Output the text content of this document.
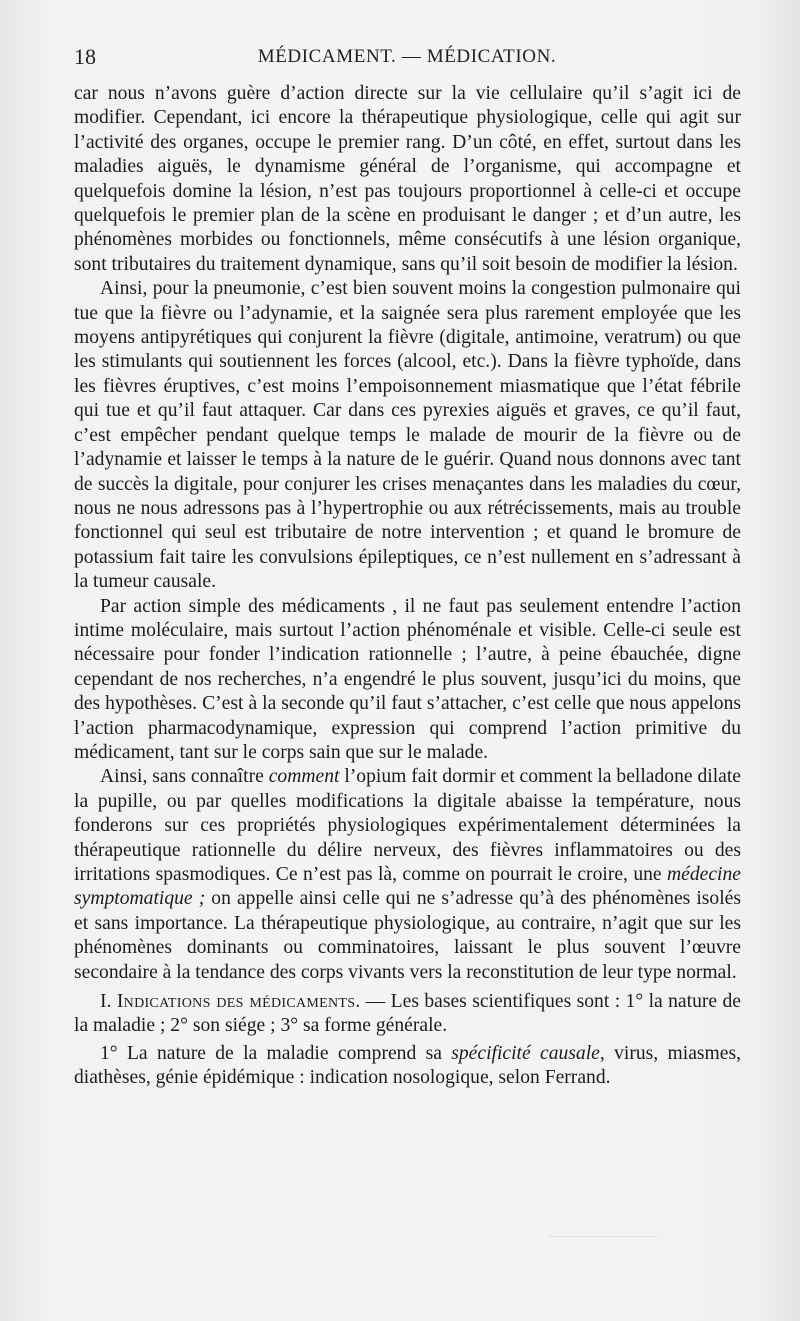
18	MÉDICAMENT. — MÉDICATION.

car nous n’avons guère d’action directe sur la vie cellulaire qu’il s’agit ici de modifier. Cependant, ici encore la thérapeutique physiologique, celle qui agit sur l’activité des organes, occupe le premier rang. D’un côté, en effet, surtout dans les maladies aiguës, le dynamisme général de l’organisme, qui accompagne et quelquefois domine la lésion, n’est pas toujours proportionnel à celle-ci et occupe quelquefois le premier plan de la scène en produisant le danger ; et d’un autre, les phénomènes morbides ou fonctionnels, même consécutifs à une lésion organique, sont tributaires du traitement dynamique, sans qu’il soit besoin de modifier la lésion.

Ainsi, pour la pneumonie, c’est bien souvent moins la congestion pulmonaire qui tue que la fièvre ou l’adynamie, et la saignée sera plus rarement employée que les moyens antipyrétiques qui conjurent la fièvre (digitale, antimoine, veratrum) ou que les stimulants qui soutiennent les forces (alcool, etc.). Dans la fièvre typhoïde, dans les fièvres éruptives, c’est moins l’empoisonnement miasmatique que l’état fébrile qui tue et qu’il faut attaquer. Car dans ces pyrexies aiguës et graves, ce qu’il faut, c’est empêcher pendant quelque temps le malade de mourir de la fièvre ou de l’adynamie et laisser le temps à la nature de le guérir. Quand nous donnons avec tant de succès la digitale, pour conjurer les crises menaçantes dans les maladies du cœur, nous ne nous adressons pas à l’hypertrophie ou aux rétrécissements, mais au trouble fonctionnel qui seul est tributaire de notre intervention ; et quand le bromure de potassium fait taire les convulsions épileptiques, ce n’est nullement en s’adressant à la tumeur causale.

Par action simple des médicaments , il ne faut pas seulement entendre l’action intime moléculaire, mais surtout l’action phénoménale et visible. Celle-ci seule est nécessaire pour fonder l’indication rationnelle ; l’autre, à peine ébauchée, digne cependant de nos recherches, n’a engendré le plus souvent, jusqu’ici du moins, que des hypothèses. C’est à la seconde qu’il faut s’attacher, c’est celle que nous appelons l’action pharmacodynamique, expression qui comprend l’action primitive du médicament, tant sur le corps sain que sur le malade.

Ainsi, sans connaître comment l’opium fait dormir et comment la belladone dilate la pupille, ou par quelles modifications la digitale abaisse la température, nous fonderons sur ces propriétés physiologiques expérimentalement déterminées la thérapeutique rationnelle du délire nerveux, des fièvres inflammatoires ou des irritations spasmodiques. Ce n’est pas là, comme on pourrait le croire, une médecine symptomatique ; on appelle ainsi celle qui ne s’adresse qu’à des phénomènes isolés et sans importance. La thérapeutique physiologique, au contraire, n’agit que sur les phénomènes dominants ou comminatoires, laissant le plus souvent l’œuvre secondaire à la tendance des corps vivants vers la reconstitution de leur type normal.

I. Indications des médicaments. — Les bases scientifiques sont : 1° la nature de la maladie ; 2° son siége ; 3° sa forme générale.

1° La nature de la maladie comprend sa spécificité causale, virus, miasmes, diathèses, génie épidémique : indication nosologique, selon Ferrand.
